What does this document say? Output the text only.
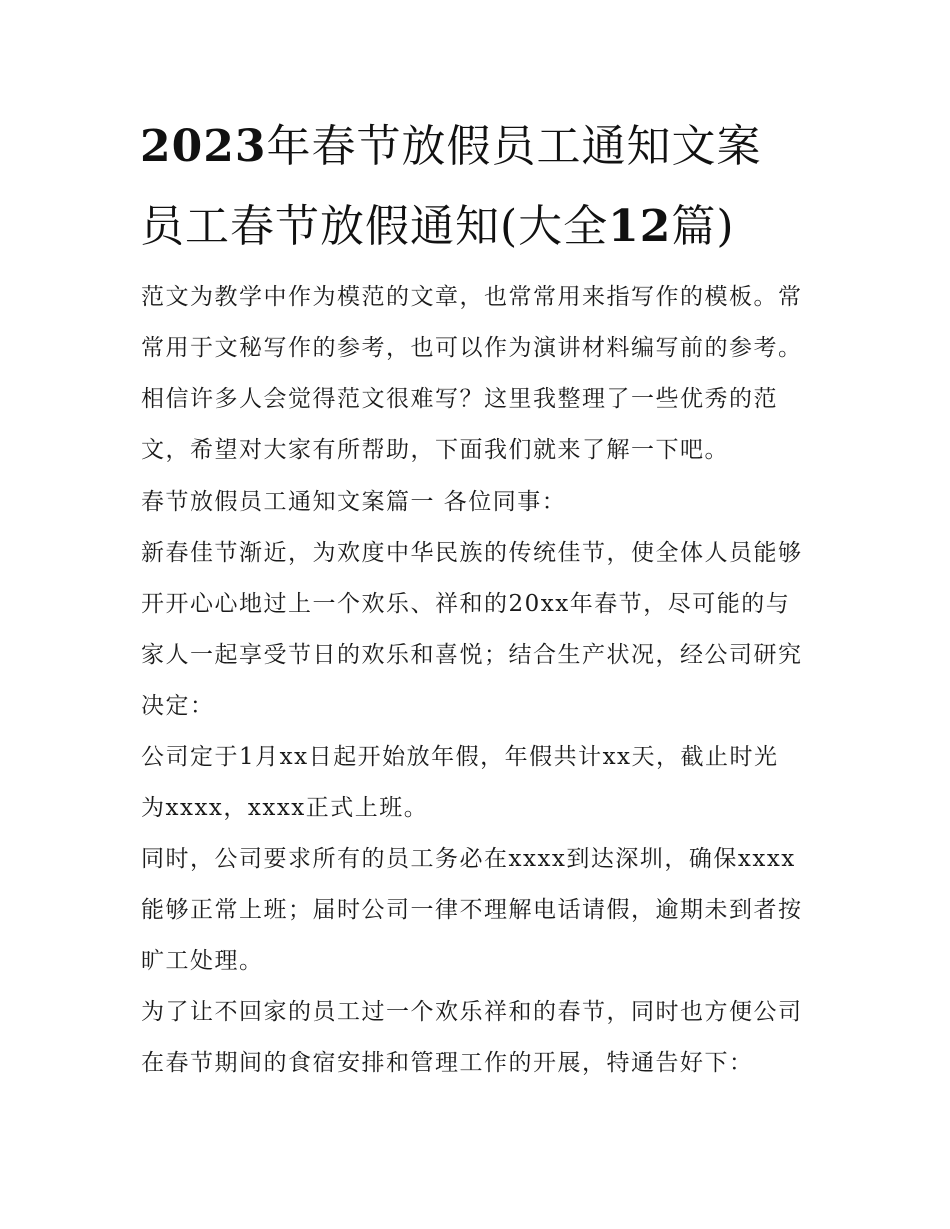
2023年春节放假员工通知文案
员工春节放假通知(大全12篇)
范文为教学中作为模范的文章，也常常用来指写作的模板。常
常用于文秘写作的参考，也可以作为演讲材料编写前的参考。
相信许多人会觉得范文很难写？这里我整理了一些优秀的范
文，希望对大家有所帮助，下面我们就来了解一下吧。
春节放假员工通知文案篇一 各位同事：
新春佳节渐近，为欢度中华民族的传统佳节，使全体人员能够
开开心心地过上一个欢乐、祥和的20xx年春节，尽可能的与
家人一起享受节日的欢乐和喜悦；结合生产状况，经公司研究
决定：
公司定于1月xx日起开始放年假，年假共计xx天，截止时光
为xxxx，xxxx正式上班。
同时，公司要求所有的员工务必在xxxx到达深圳，确保xxxx
能够正常上班；届时公司一律不理解电话请假，逾期未到者按
旷工处理。
为了让不回家的员工过一个欢乐祥和的春节，同时也方便公司
在春节期间的食宿安排和管理工作的开展，特通告好下：
